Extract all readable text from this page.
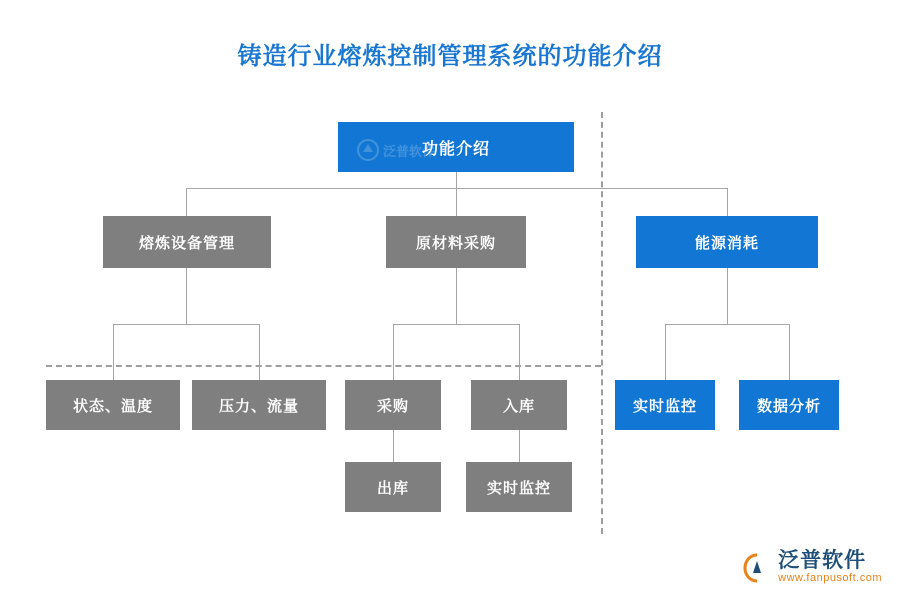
铸造行业熔炼控制管理系统的功能介绍
功能介绍
泛普软件
熔炼设备管理	原材料采购	能源消耗
状态、温度	压力、流量	采购	入库
出库	实时监控
实时监控	数据分析
泛普软件
www.fanpusoft.com
